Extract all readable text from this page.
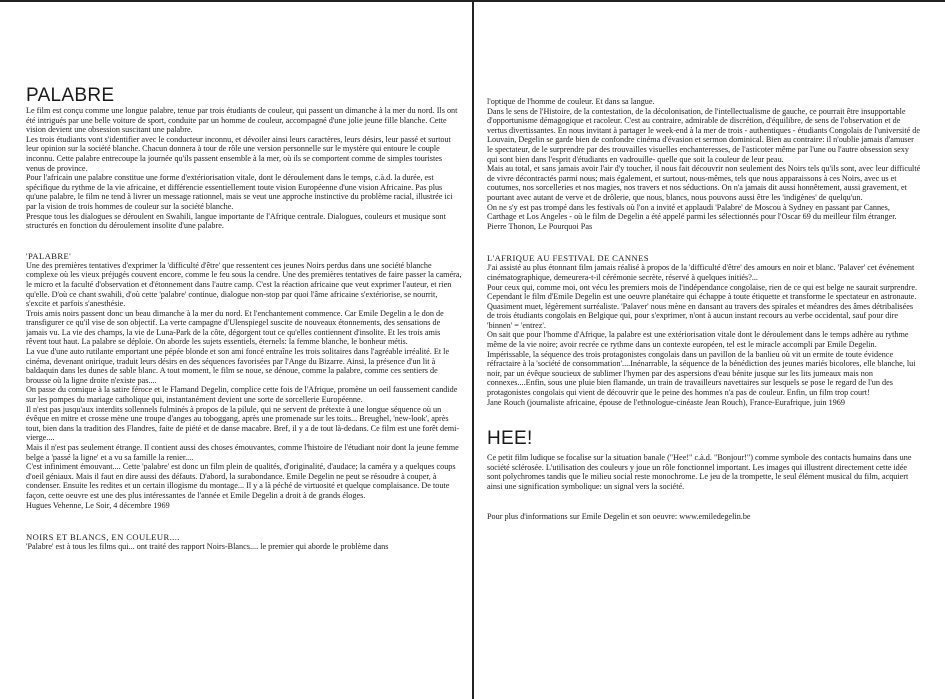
PALABRE

Le film est conçu comme une longue palabre, tenue par trois étudiants de couleur, qui passent un dimanche à la mer du nord. Ils ont été intrigués par une belle voiture de sport, conduite par un homme de couleur, accompagné d'une jolie jeune fille blanche. Cette vision devient une obsession suscitant une palabre.

Les trois étudiants vont s'identifier avec le conducteur inconnu, et dévoiler ainsi leurs caractères, leurs désirs, leur passé et surtout leur opinion sur la société blanche. Chacun donnera à tour de rôle une version personnelle sur le mystère qui entoure le couple inconnu. Cette palabre entrecoupe la journée qu'ils passent ensemble à la mer, où ils se comportent comme de simples touristes venus de province.

Pour l'africain une palabre constitue une forme d'extériorisation vitale, dont le déroulement dans le temps, c.à.d. la durée, est spécifique du rythme de la vie africaine, et différencie essentiellement toute vision Européenne d'une vision Africaine. Pas plus qu'une palabre, le film ne tend à livrer un message rationnel, mais se veut une approche instinctive du problème racial, illustrée ici par la vision de trois hommes de couleur sur la société blanche.

Presque tous les dialogues se déroulent en Swahili, langue importante de l'Afrique centrale. Dialogues, couleurs et musique sont structurés en fonction du déroulement insolite d'une palabre.

'PALABRE'

Une des premières tentatives d'exprimer la 'difficulté d'être' que ressentent ces jeunes Noirs perdus dans une société blanche complexe où les vieux préjugés couvent encore, comme le feu sous la cendre. Une des premières tentatives de faire passer la caméra, le micro et la faculté d'observation et d'étonnement dans l'autre camp. C'est la réaction africaine que veut exprimer l'auteur, et rien qu'elle. D'où ce chant swahili, d'où cette 'palabre' continue, dialogue non-stop par quoi l'âme africaine s'extériorise, se nourrit, s'excite et parfois s'anesthésie.

Trois amis noirs passent donc un beau dimanche à la mer du nord. Et l'enchantement commence. Car Emile Degelin a le don de transfigurer ce qu'il vise de son objectif. La verte campagne d'Ulenspiegel suscite de nouveaux étonnements, des sensations de jamais vu. La vie des champs, la vie de Luna-Park de la côte, dégorgent tout ce qu'elles contiennent d'insolite. Et les trois amis rêvent tout haut. La palabre se déploie. On aborde les sujets essentiels, éternels: la femme blanche, le bonheur métis.

La vue d'une auto rutilante emportant une pépée blonde et son ami foncé entraîne les trois solitaires dans l'agréable irréalité. Et le cinéma, devenant onirique, traduit leurs désirs en des séquences favorisées par l'Ange du Bizarre. Ainsi, la présence d'un lit à baldaquin dans les dunes de sable blanc. A tout moment, le film se noue, se dénoue, comme la palabre, comme ces sentiers de brousse où la ligne droite n'existe pas....

On passe du comique à la satire féroce et le Flamand Degelin, complice cette fois de l'Afrique, promène un oeil faussement candide sur les pompes du mariage catholique qui, instantanément devient une sorte de sorcellerie Européenne.

Il n'est pas jusqu'aux interdits sollennels fulminés à propos de la pilule, qui ne servent de prétexte à une longue séquence où un évêque en mitre et crosse mène une troupe d'anges au toboggang, après une promenade sur les toits... Breughel, 'new-look', après tout, bien dans la tradition des Flandres, faite de piété et de danse macabre. Bref, il y a de tout là-dedans. Ce film est une forêt demi-vierge....

Mais il n'est pas seulement étrange. Il contient aussi des choses émouvantes, comme l'histoire de l'étudiant noir dont la jeune femme belge a 'passé la ligne' et a vu sa famille la renier....

C'est infiniment émouvant.... Cette 'palabre' est donc un film plein de qualités, d'originalité, d'audace; la caméra y a quelques coups d'oeil géniaux. Mais il faut en dire aussi des défauts. D'abord, la surabondance. Emile Degelin ne peut se résoudre à couper, à condenser. Ensuite les redites et un certain illogisme du montage... Il y a là péché de virtuosité et quelque complaisance. De toute façon, cette oeuvre est une des plus intéressantes de l'année et Emile Degelin a droit à de grands éloges.

Hugues Vehenne, Le Soir, 4 décembre 1969

NOIRS ET BLANCS, EN COULEUR....

'Palabre' est à tous les films qui... ont traité des rapport Noirs-Blancs.... le premier qui aborde le problème dans

l'optique de l'homme de couleur. Et dans sa langue.

Dans le sens de l'Histoire, de la contestation, de la décolonisation, de l'intellectualisme de gauche, ce pourrait être insupportable d'opportunisme démagogique et racoleur. C'est au contraire, admirable de discrétion, d'équilibre, de sens de l'observation et de vertus divertissantes. En nous invitant à partager le week-end à la mer de trois - authentiques - étudiants Congolais de l'université de Louvain, Degelin se garde bien de confondre cinéma d'évasion et sermon dominical. Bien au contraire: il n'oublie jamais d'amuser le spectateur, de le surprendre par des trouvailles visuelles enchanteresses, de l'asticoter même par l'une ou l'autre obsession sexy qui sont bien dans l'esprit d'étudiants en vadrouille- quelle que soit la couleur de leur peau.

Mais au total, et sans jamais avoir l'air d'y toucher, il nous fait découvrir non seulement des Noirs tels qu'ils sont, avec leur difficulté de vivre décontractés parmi nous; mais également, et surtout, nous-mêmes, tels que nous apparaissons à ces Noirs, avec us et coutumes, nos sorcelleries et nos magies, nos travers et nos séductions. On n'a jamais dit aussi honnêtement, aussi gravement, et pourtant avec autant de verve et de drôlerie, que nous, blancs, nous pouvons aussi être les 'indigènes' de quelqu'un.

On ne s'y est pas trompé dans les festivals où l'on a invité et applaudi 'Palabre' de Moscou à Sydney en passant par Cannes, Carthage et Los Angeles - où le film de Degelin a été appelé parmi les sélectionnés pour l'Oscar 69 du meilleur film étranger.

Pierre Thonon, Le Pourquoi Pas

L'AFRIQUE AU FESTIVAL DE CANNES

J'ai assisté au plus étonnant film jamais réalisé à propos de la 'difficulté d'être' des amours en noir et blanc. 'Palaver' cet événement cinématographique, demeurera-t-il cérémonie secrète, réservé à quelques initiés?...

Pour ceux qui, comme moi, ont vécu les premiers mois de l'indépendance congolaise, rien de ce qui est belge ne saurait surprendre. Cependant le film d'Emile Degelin est une oeuvre planétaire qui échappe à toute étiquette et transforme le spectateur en astronaute. Quasiment muet, légèrement surréaliste. 'Palaver' nous mène en dansant au travers des spirales et méandres des âmes détribalisées de trois étudiants congolais en Belgique qui, pour s'exprimer, n'ont à aucun instant recours au verbe occidental, sauf pour dire 'binnen' = 'entrez'.

On sait que pour l'homme d'Afrique, la palabre est une extériorisation vitale dont le déroulement dans le temps adhère au rythme même de la vie noire; avoir recrée ce rythme dans un contexte européen, tel est le miracle accompli par Emile Degelin.

Impérissable, la séquence des trois protagonistes congolais dans un pavillon de la banlieu où vit un ermite de toute évidence réfractaire à la 'société de consommation'....Inénarrable, la séquence de la bénédiction des jeunes mariés bicolores, elle blanche, lui noir, par un évêque soucieux de sublimer l'hymen par des aspersions d'eau bénite jusque sur les lits jumeaux mais non connexes....Enfin, sous une pluie bien flamande, un train de travailleurs navettaires sur lesquels se pose le regard de l'un des protagonistes congolais qui vient de découvrir que le peine des hommes n'a pas de couleur. Enfin, un film trop court!

Jane Rouch (journaliste africaine, épouse de l'ethnologue-cinéaste Jean Rouch), France-Eurafrique, juin 1969

HEE!

Ce petit film ludique se focalise sur la situation banale ("Hee!" c.à.d. "Bonjour!") comme symbole des contacts humains dans une société sclérosée. L'utilisation des couleurs y joue un rôle fonctionnel important. Les images qui illustrent directement cette idée sont polychromes tandis que le milieu social reste monochrome. Le jeu de la trompette, le seul élément musical du film, acquiert ainsi une signification symbolique: un signal vers la société.

Pour plus d'informations sur Emile Degelin et son oeuvre: www.emiledegelin.be
